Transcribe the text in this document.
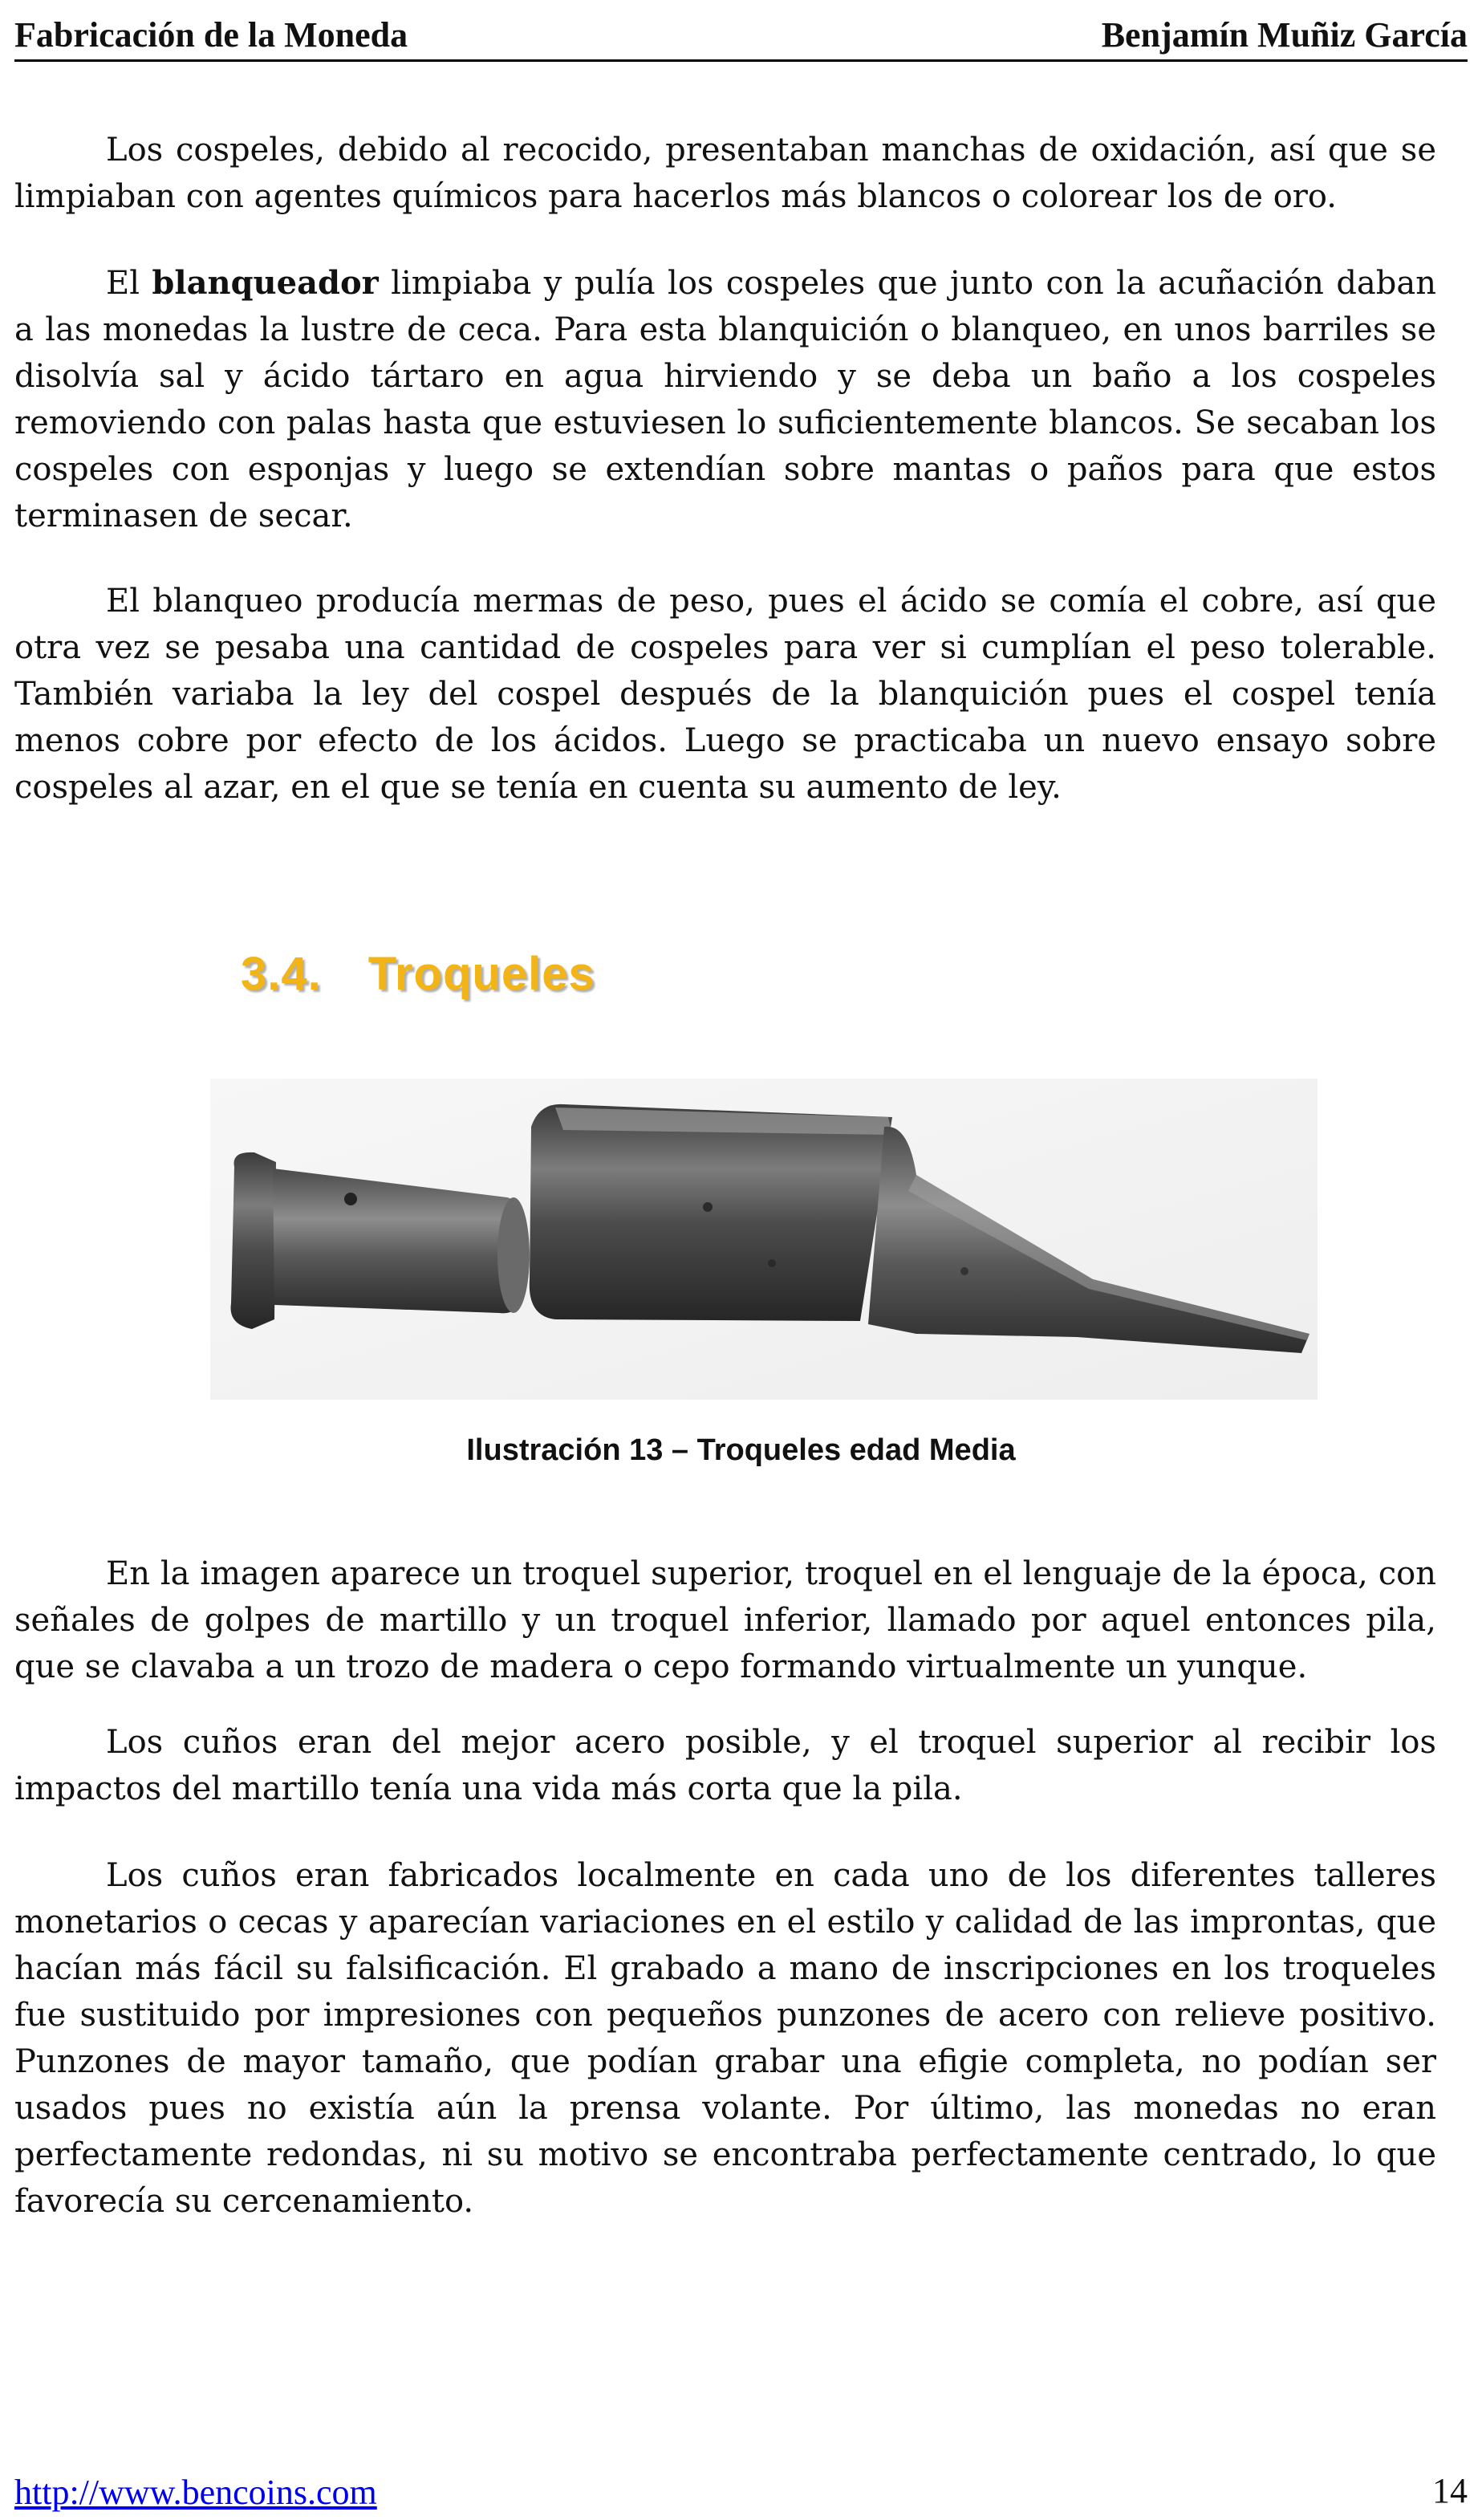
Fabricación de la Moneda	Benjamín Muñiz García

Los cospeles, debido al recocido, presentaban manchas de oxidación, así que se limpiaban con agentes químicos para hacerlos más blancos o colorear los de oro.

El blanqueador limpiaba y pulía los cospeles que junto con la acuñación daban a las monedas la lustre de ceca. Para esta blanquición o blanqueo, en unos barriles se disolvía sal y ácido tártaro en agua hirviendo y se deba un baño a los cospeles removiendo con palas hasta que estuviesen lo suficientemente blancos. Se secaban los cospeles con esponjas y luego se extendían sobre mantas o paños para que estos terminasen de secar.

El blanqueo producía mermas de peso, pues el ácido se comía el cobre, así que otra vez se pesaba una cantidad de cospeles para ver si cumplían el peso tolerable. También variaba la ley del cospel después de la blanquición pues el cospel tenía menos cobre por efecto de los ácidos. Luego se practicaba un nuevo ensayo sobre cospeles al azar, en el que se tenía en cuenta su aumento de ley.

3.4. Troqueles
Ilustración 13 – Troqueles edad Media

En la imagen aparece un troquel superior, troquel en el lenguaje de la época, con señales de golpes de martillo y un troquel inferior, llamado por aquel entonces pila, que se clavaba a un trozo de madera o cepo formando virtualmente un yunque.

Los cuños eran del mejor acero posible, y el troquel superior al recibir los impactos del martillo tenía una vida más corta que la pila.

Los cuños eran fabricados localmente en cada uno de los diferentes talleres monetarios o cecas y aparecían variaciones en el estilo y calidad de las improntas, que hacían más fácil su falsificación. El grabado a mano de inscripciones en los troqueles fue sustituido por impresiones con pequeños punzones de acero con relieve positivo. Punzones de mayor tamaño, que podían grabar una efigie completa, no podían ser usados pues no existía aún la prensa volante. Por último, las monedas no eran perfectamente redondas, ni su motivo se encontraba perfectamente centrado, lo que favorecía su cercenamiento.

http://www.bencoins.com	14
